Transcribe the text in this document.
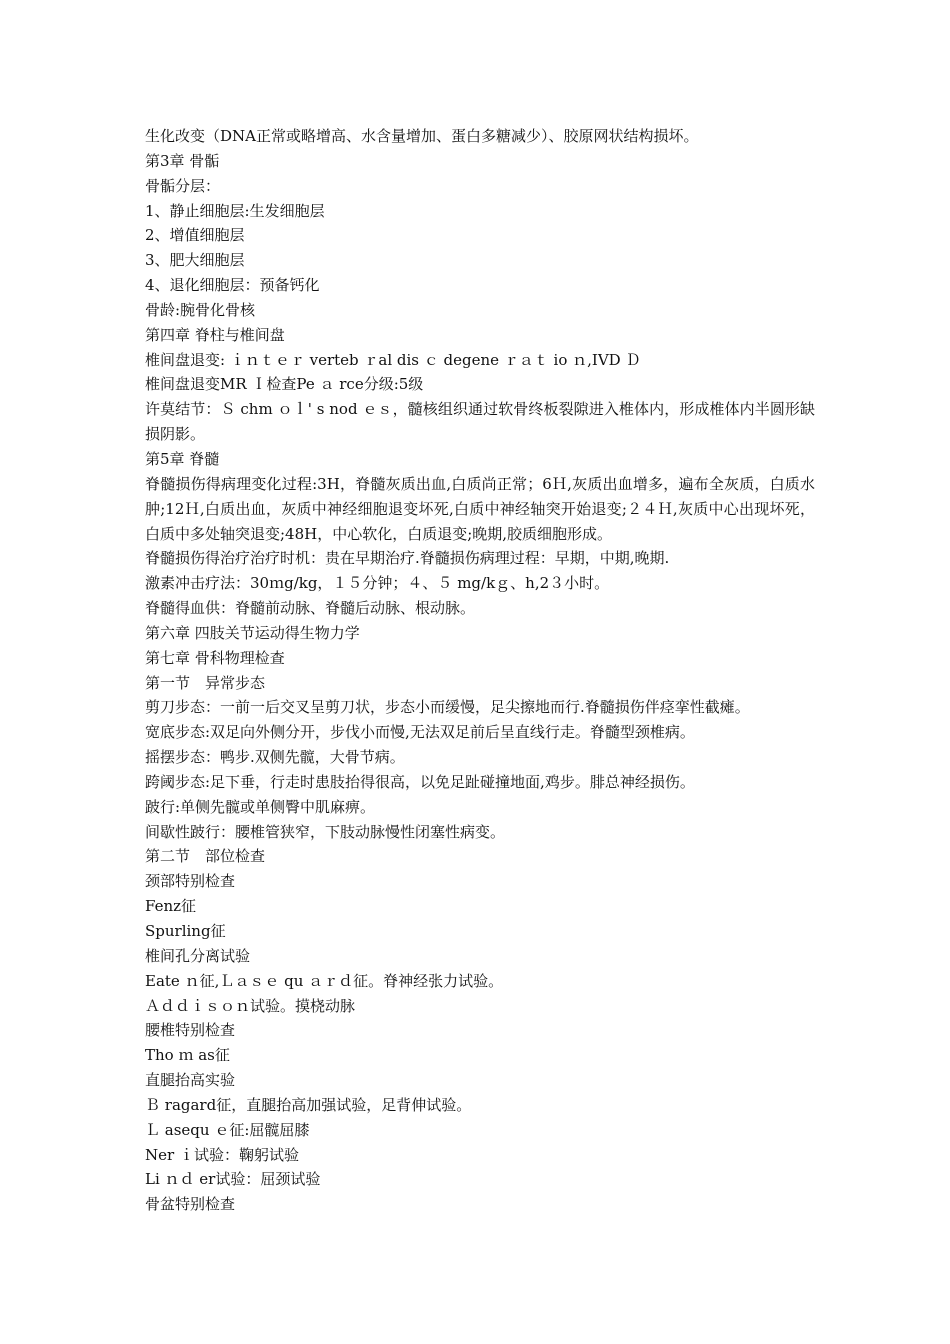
生化改变（DNA正常或略增高、水含量增加、蛋白多糖减少）、胶原网状结构损坏。

第3章 骨骺

骨骺分层：

1、静止细胞层:生发细胞层

2、增值细胞层

3、肥大细胞层

4、退化细胞层：预备钙化

骨龄:腕骨化骨核

第四章 脊柱与椎间盘

椎间盘退变: ｉｎｔｅｒ verteb ｒal dis ｃ degene ｒａｔ io ｎ,IVD Ｄ

椎间盘退变MR Ｉ检查Pe ａ rce分级:5级

许莫结节：Ｓ chm ｏｌ' s nod ｅｓ，髓核组织通过软骨终板裂隙进入椎体内，形成椎体内半圆形缺损阴影。

第5章 脊髓

脊髓损伤得病理变化过程:3H，脊髓灰质出血,白质尚正常；6Ｈ,灰质出血增多，遍布全灰质，白质水肿;12Ｈ,白质出血，灰质中神经细胞退变坏死,白质中神经轴突开始退变;２４Ｈ,灰质中心出现坏死，白质中多处轴突退变;48H，中心软化，白质退变;晚期,胶质细胞形成。

脊髓损伤得治疗治疗时机：贵在早期治疗.脊髓损伤病理过程：早期，中期,晚期.

激素冲击疗法：30ｍg/kg，１５分钟；４、５ mg/kｇ、h,2３小时。

脊髓得血供：脊髓前动脉、脊髓后动脉、根动脉。

第六章 四肢关节运动得生物力学

第七章 骨科物理检查

第一节　异常步态

剪刀步态：一前一后交叉呈剪刀状，步态小而缓慢，足尖擦地而行.脊髓损伤伴痉挛性截瘫。

宽底步态:双足向外侧分开，步伐小而慢,无法双足前后呈直线行走。脊髓型颈椎病。

摇摆步态：鸭步.双侧先髋，大骨节病。

跨阈步态:足下垂，行走时患肢抬得很高，以免足趾碰撞地面,鸡步。腓总神经损伤。

跛行:单侧先髋或单侧臀中肌麻痹。

间歇性跛行：腰椎管狭窄，下肢动脉慢性闭塞性病变。

第二节　部位检查

颈部特别检查

Fenz征

Spurling征

椎间孔分离试验

Eate ｎ征,Ｌａｓｅ qu ａｒｄ征。脊神经张力试验。

Ａｄｄｉｓｏｎ试验。摸桡动脉

腰椎特别检查

Tho ｍ as征

直腿抬高实验

Ｂ ragard征，直腿抬高加强试验，足背伸试验。

Ｌ asequ ｅ征:屈髋屈膝

Ner ｉ试验：鞠躬试验

Li ｎｄ er试验：屈颈试验

骨盆特别检查
